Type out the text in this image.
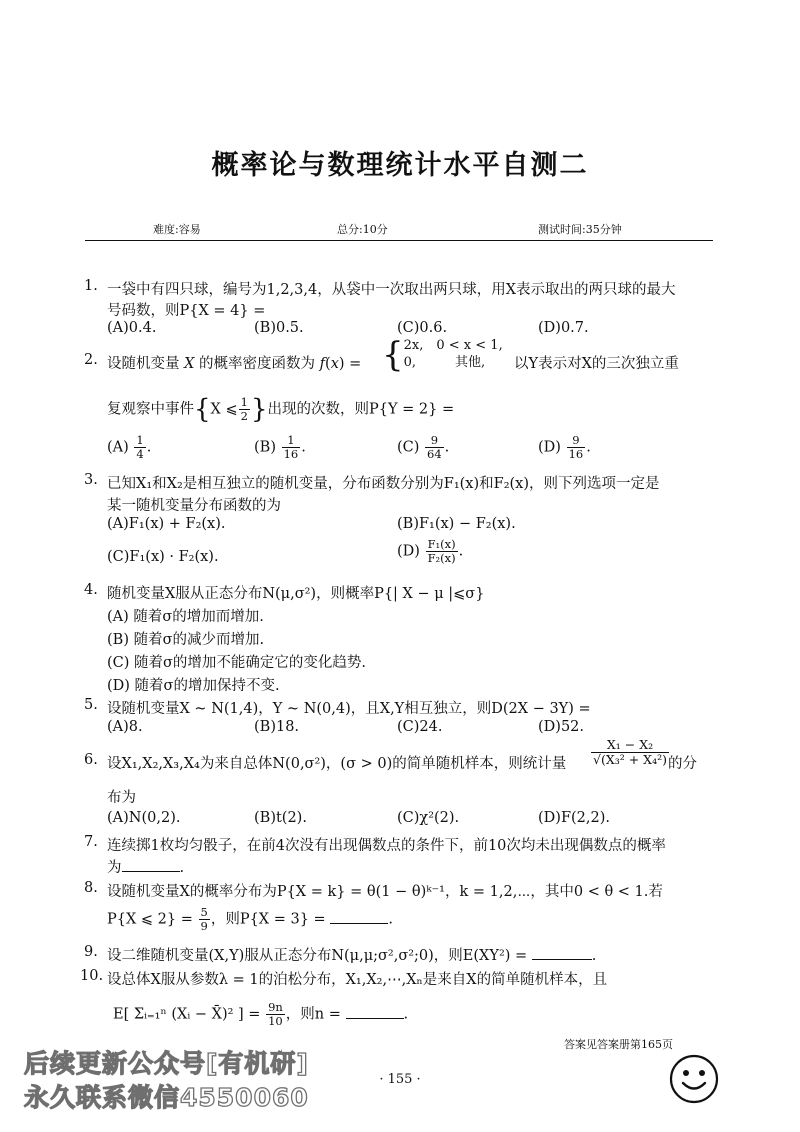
概率论与数理统计水平自测二
难度:容易	总分:10分	测试时间:35分钟
1. 一袋中有四只球，编号为1,2,3,4，从袋中一次取出两只球，用X表示取出的两只球的最大
号码数，则P{X = 4} =
(A)0.4.	(B)0.5.	(C)0.6.	(D)0.7.
2. 设随机变量 X 的概率密度函数为 f(x) = { 2x,　0 < x < 1,
0,　　　其他,	以Y表示对X的三次独立重
复观察中事件{X ⩽ $\frac{1}{2}$ }出现的次数，则P{Y = 2} =
$(A) \frac{1}{4}$ .	$(B) \frac{1}{16}$ .	$(C) \frac{9}{64}$ .	$(D) \frac{9}{16}$ .
3. 已知X₁和X₂是相互独立的随机变量，分布函数分别为F₁(x)和F₂(x)，则下列选项一定是
某一随机变量分布函数的为
(A)F₁(x) + F₂(x).	(B)F₁(x) − F₂(x).
(C)F₁(x) · F₂(x).	$(D) \frac{\text{F₁(x)}}{\text{F₂(x)}}$ .
4. 随机变量X服从正态分布N(μ,σ²)，则概率P{| X − μ |⩽σ}
(A) 随着σ的增加而增加.
(B) 随着σ的减少而增加.
(C) 随着σ的增加不能确定它的变化趋势.
(D) 随着σ的增加保持不变.
5. 设随机变量X ~ N(1,4)，Y ~ N(0,4)，且X,Y相互独立，则D(2X − 3Y) =
(A)8.	(B)18.	(C)24.	(D)52.
6. 设X₁,X₂,X₃,X₄为来自总体N(0,σ²)，(σ > 0)的简单随机样本，则统计量 $\frac{\text{X₁ − X₂}}{\text{√(X₃² + X₄²)}}$ 的分
布为
(A)N(0,2).	(B)t(2).	(C)χ²(2).	(D)F(2,2).
7. 连续掷1枚均匀骰子，在前4次没有出现偶数点的条件下，前10次均未出现偶数点的概率
为	.
8. 设随机变量X的概率分布为P{X = k} = θ(1 − θ)ᵏ⁻¹，k = 1,2,⋯，其中0 < θ < 1.若
P{X ⩽ $2\} = \frac{5}{9}$ ，则P{X = 3} =	.
9. 设二维随机变量(X,Y)服从正态分布N(μ,μ;σ²,σ²;0)，则E(XY²) =	.
10. 设总体X服从参数λ = 1的泊松分布，X₁,X₂,⋯,Xₙ是来自X的简单随机样本，且
E[ Σᵢ₌₁ⁿ (Xᵢ − X̄)² ] = $\frac{9n}{10}$ ，则n =	.
答案见答案册第165页
· 155 ·
后续更新公众号[有机研]
永久联系微信4550060
